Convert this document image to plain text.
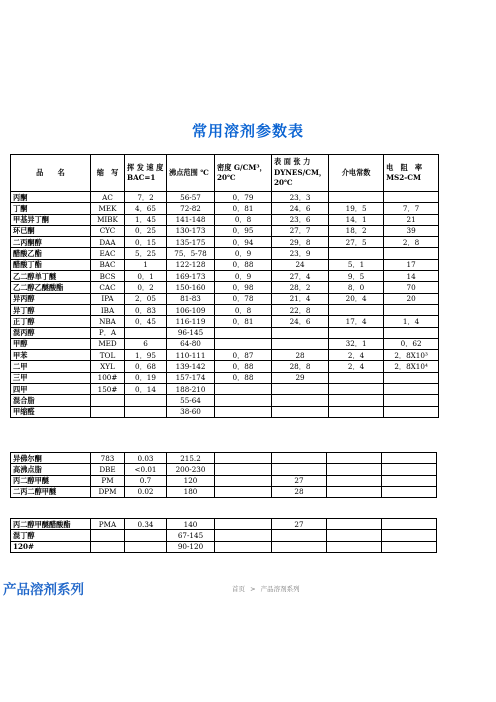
常用溶剂参数表
品　　名	缩　写	挥 发 速 度 BAC=1	沸点范围 ℃	密度 G/CM³，20℃	表 面 张 力 DYNES/CM，20℃	介电常数	电　阻　率 MS2-CM
丙酮	AC	7．2	56-57	0．79	23．3		
丁酮	MEK	4．65	72-82	0．81	24．6	19．5	7．7
甲基异丁酮	MIBK	1．45	141-148	0．8	23．6	14．1	21
环已酮	CYC	0．25	130-173	0．95	27．7	18．2	39
二丙酮醇	DAA	0．15	135-175	0．94	29．8	27．5	2．8
醋酸乙酯	EAC	5．25	75．5-78	0．9	23．9		
醋酸丁酯	BAC	1	122-128	0．88	24	5．1	17
乙二醇单丁醚	BCS	0．1	169-173	0．9	27．4	9．5	14
乙二醇乙醚酸酯	CAC	0．2	150-160	0．98	28．2	8．0	70
异丙醇	IPA	2．05	81-83	0．78	21．4	20．4	20
异丁醇	IBA	0．83	106-109	0．8	22．8		
正丁醇	NBA	0．45	116-119	0．81	24．6	17．4	1．4
混丙醇	P．A		96-145				
甲醇	MED	6	64-80			32．1	0．62
甲苯	TOL	1．95	110-111	0．87	28	2．4	2．8X10³
二甲	XYL	0．68	139-142	0．88	28．8	2．4	2．8X10⁴
三甲	100#	0．19	157-174	0．88	29		
四甲	150#	0．14	188-210				
混合脂			55-64				
甲缩醛			38-60				
异佛尔酮	783	0.03	215.2				
高沸点脂	DBE	<0.01	200-230				
丙二醇甲醚	PM	0.7	120		27		
二丙二醇甲醚	DPM	0.02	180		28		
丙二醇甲醚醋酸酯	PMA	0.34	140		27		
混丁醇			67-145				
120#			90-120				
产品溶剂系列	首页 > 产品溶剂系列
